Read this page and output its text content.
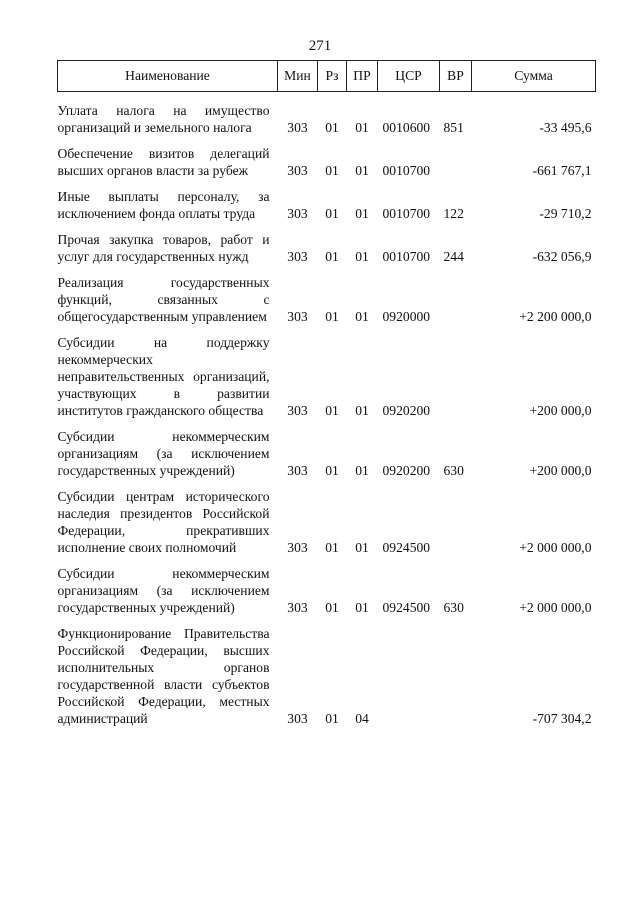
271
Наименование	Мин	Рз	ПР	ЦСР	ВР	Сумма

Уплата налога на имущество организаций и земельного налога	303	01	01	0010600	851	-33 495,6

Обеспечение визитов делегаций высших органов власти за рубеж	303	01	01	0010700		-661 767,1

Иные выплаты персоналу, за исключением фонда оплаты труда	303	01	01	0010700	122	-29 710,2

Прочая закупка товаров, работ и услуг для государственных нужд	303	01	01	0010700	244	-632 056,9

Реализация государственных функций, связанных с общегосударственным управлением	303	01	01	0920000		+2 200 000,0

Субсидии на поддержку некоммерческих неправительственных организаций, участвующих в развитии институтов гражданского общества	303	01	01	0920200		+200 000,0

Субсидии некоммерческим организациям (за исключением государственных учреждений)	303	01	01	0920200	630	+200 000,0

Субсидии центрам исторического наследия президентов Российской Федерации, прекративших исполнение своих полномочий	303	01	01	0924500		+2 000 000,0

Субсидии некоммерческим организациям (за исключением государственных учреждений)	303	01	01	0924500	630	+2 000 000,0

Функционирование Правительства Российской Федерации, высших исполнительных органов государственной власти субъектов Российской Федерации, местных администраций	303	01	04			-707 304,2
